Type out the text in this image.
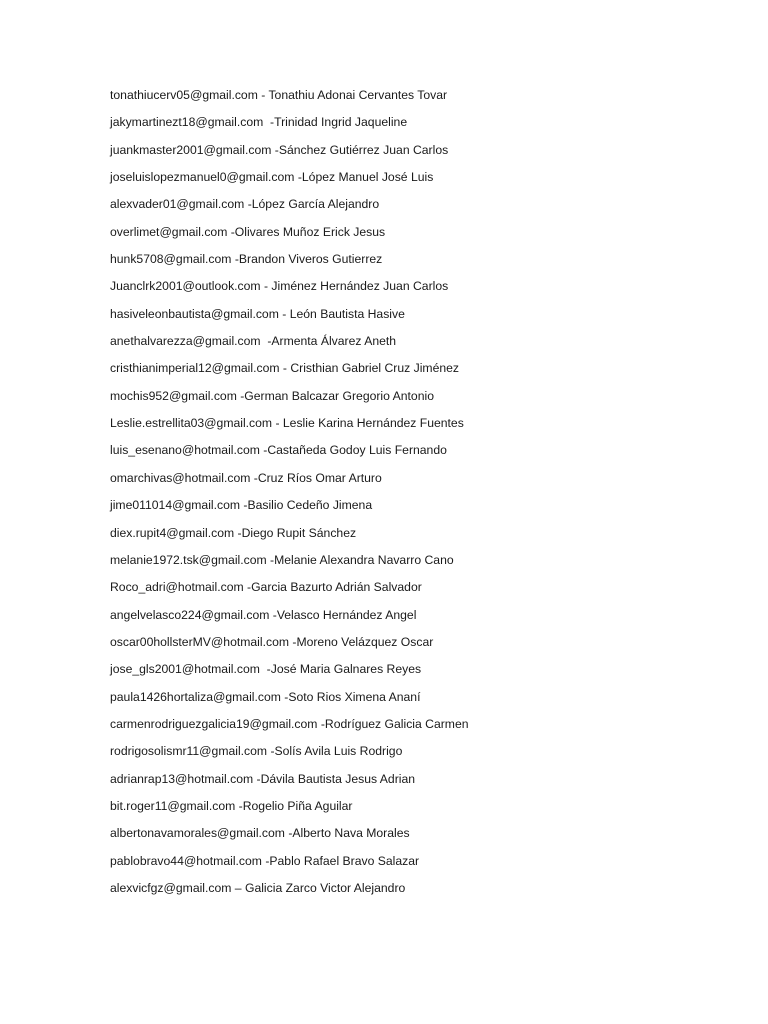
tonathiucerv05@gmail.com - Tonathiu Adonai Cervantes Tovar
jakymartinezt18@gmail.com  -Trinidad Ingrid Jaqueline
juankmaster2001@gmail.com -Sánchez Gutiérrez Juan Carlos
joseluislopezmanuel0@gmail.com -López Manuel José Luis
alexvader01@gmail.com -López García Alejandro
overlimet@gmail.com -Olivares Muñoz Erick Jesus
hunk5708@gmail.com -Brandon Viveros Gutierrez
Juanclrk2001@outlook.com - Jiménez Hernández Juan Carlos
hasiveleonbautista@gmail.com - León Bautista Hasive
anethalvarezza@gmail.com  -Armenta Álvarez Aneth
cristhianimperial12@gmail.com - Cristhian Gabriel Cruz Jiménez
mochis952@gmail.com -German Balcazar Gregorio Antonio
Leslie.estrellita03@gmail.com - Leslie Karina Hernández Fuentes
luis_esenano@hotmail.com -Castañeda Godoy Luis Fernando
omarchivas@hotmail.com -Cruz Ríos Omar Arturo
jime011014@gmail.com -Basilio Cedeño Jimena
diex.rupit4@gmail.com -Diego Rupit Sánchez
melanie1972.tsk@gmail.com -Melanie Alexandra Navarro Cano
Roco_adri@hotmail.com -Garcia Bazurto Adrián Salvador
angelvelasco224@gmail.com -Velasco Hernández Angel
oscar00hollsterMV@hotmail.com -Moreno Velázquez Oscar
jose_gls2001@hotmail.com  -José Maria Galnares Reyes
paula1426hortaliza@gmail.com -Soto Rios Ximena Ananí
carmenrodriguezgalicia19@gmail.com -Rodríguez Galicia Carmen
rodrigosolismr11@gmail.com -Solís Avila Luis Rodrigo
adrianrap13@hotmail.com -Dávila Bautista Jesus Adrian
bit.roger11@gmail.com -Rogelio Piña Aguilar
albertonavamorales@gmail.com -Alberto Nava Morales
pablobravo44@hotmail.com -Pablo Rafael Bravo Salazar
alexvicfgz@gmail.com – Galicia Zarco Victor Alejandro
